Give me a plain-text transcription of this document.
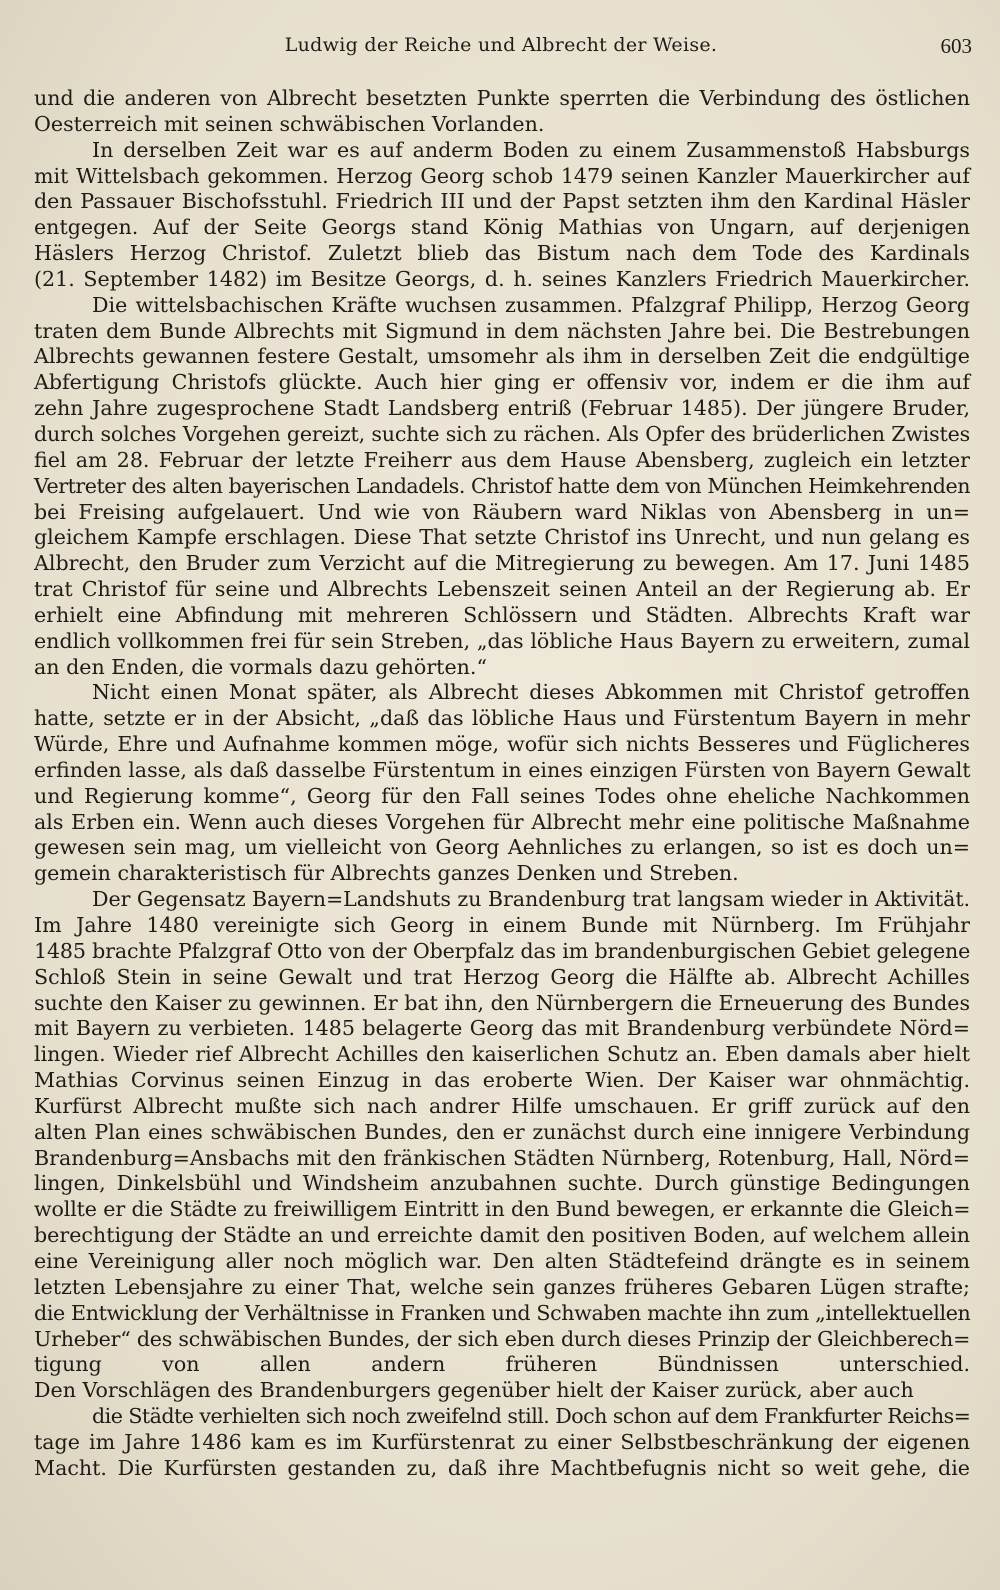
Ludwig der Reiche und Albrecht der Weise.	603
und die anderen von Albrecht besetzten Punkte sperrten die Verbindung des östlichen
Oesterreich mit seinen schwäbischen Vorlanden.
In derselben Zeit war es auf anderm Boden zu einem Zusammenstoß Habsburgs
mit Wittelsbach gekommen. Herzog Georg schob 1479 seinen Kanzler Mauerkircher auf
den Passauer Bischofsstuhl. Friedrich III und der Papst setzten ihm den Kardinal Häsler
entgegen. Auf der Seite Georgs stand König Mathias von Ungarn, auf derjenigen
Häslers Herzog Christof. Zuletzt blieb das Bistum nach dem Tode des Kardinals
(21. September 1482) im Besitze Georgs, d. h. seines Kanzlers Friedrich Mauerkircher.
Die wittelsbachischen Kräfte wuchsen zusammen. Pfalzgraf Philipp, Herzog Georg
traten dem Bunde Albrechts mit Sigmund in dem nächsten Jahre bei. Die Bestrebungen
Albrechts gewannen festere Gestalt, umsomehr als ihm in derselben Zeit die endgültige
Abfertigung Christofs glückte. Auch hier ging er offensiv vor, indem er die ihm auf
zehn Jahre zugesprochene Stadt Landsberg entriß (Februar 1485). Der jüngere Bruder,
durch solches Vorgehen gereizt, suchte sich zu rächen. Als Opfer des brüderlichen Zwistes
fiel am 28. Februar der letzte Freiherr aus dem Hause Abensberg, zugleich ein letzter
Vertreter des alten bayerischen Landadels. Christof hatte dem von München Heimkehrenden
bei Freising aufgelauert. Und wie von Räubern ward Niklas von Abensberg in un=
gleichem Kampfe erschlagen. Diese That setzte Christof ins Unrecht, und nun gelang es
Albrecht, den Bruder zum Verzicht auf die Mitregierung zu bewegen. Am 17. Juni 1485
trat Christof für seine und Albrechts Lebenszeit seinen Anteil an der Regierung ab. Er
erhielt eine Abfindung mit mehreren Schlössern und Städten. Albrechts Kraft war
endlich vollkommen frei für sein Streben, „das löbliche Haus Bayern zu erweitern, zumal
an den Enden, die vormals dazu gehörten.“
Nicht einen Monat später, als Albrecht dieses Abkommen mit Christof getroffen
hatte, setzte er in der Absicht, „daß das löbliche Haus und Fürstentum Bayern in mehr
Würde, Ehre und Aufnahme kommen möge, wofür sich nichts Besseres und Füglicheres
erfinden lasse, als daß dasselbe Fürstentum in eines einzigen Fürsten von Bayern Gewalt
und Regierung komme“, Georg für den Fall seines Todes ohne eheliche Nachkommen
als Erben ein. Wenn auch dieses Vorgehen für Albrecht mehr eine politische Maßnahme
gewesen sein mag, um vielleicht von Georg Aehnliches zu erlangen, so ist es doch un=
gemein charakteristisch für Albrechts ganzes Denken und Streben.
Der Gegensatz Bayern=Landshuts zu Brandenburg trat langsam wieder in Aktivität.
Im Jahre 1480 vereinigte sich Georg in einem Bunde mit Nürnberg. Im Frühjahr
1485 brachte Pfalzgraf Otto von der Oberpfalz das im brandenburgischen Gebiet gelegene
Schloß Stein in seine Gewalt und trat Herzog Georg die Hälfte ab. Albrecht Achilles
suchte den Kaiser zu gewinnen. Er bat ihn, den Nürnbergern die Erneuerung des Bundes
mit Bayern zu verbieten. 1485 belagerte Georg das mit Brandenburg verbündete Nörd=
lingen. Wieder rief Albrecht Achilles den kaiserlichen Schutz an. Eben damals aber hielt
Mathias Corvinus seinen Einzug in das eroberte Wien. Der Kaiser war ohnmächtig.
Kurfürst Albrecht mußte sich nach andrer Hilfe umschauen. Er griff zurück auf den
alten Plan eines schwäbischen Bundes, den er zunächst durch eine innigere Verbindung
Brandenburg=Ansbachs mit den fränkischen Städten Nürnberg, Rotenburg, Hall, Nörd=
lingen, Dinkelsbühl und Windsheim anzubahnen suchte. Durch günstige Bedingungen
wollte er die Städte zu freiwilligem Eintritt in den Bund bewegen, er erkannte die Gleich=
berechtigung der Städte an und erreichte damit den positiven Boden, auf welchem allein
eine Vereinigung aller noch möglich war. Den alten Städtefeind drängte es in seinem
letzten Lebensjahre zu einer That, welche sein ganzes früheres Gebaren Lügen strafte;
die Entwicklung der Verhältnisse in Franken und Schwaben machte ihn zum „intellektuellen
Urheber“ des schwäbischen Bundes, der sich eben durch dieses Prinzip der Gleichberech=
tigung von allen andern früheren Bündnissen unterschied.
Den Vorschlägen des Brandenburgers gegenüber hielt der Kaiser zurück, aber auch
die Städte verhielten sich noch zweifelnd still. Doch schon auf dem Frankfurter Reichs=
tage im Jahre 1486 kam es im Kurfürstenrat zu einer Selbstbeschränkung der eigenen
Macht. Die Kurfürsten gestanden zu, daß ihre Machtbefugnis nicht so weit gehe, die
